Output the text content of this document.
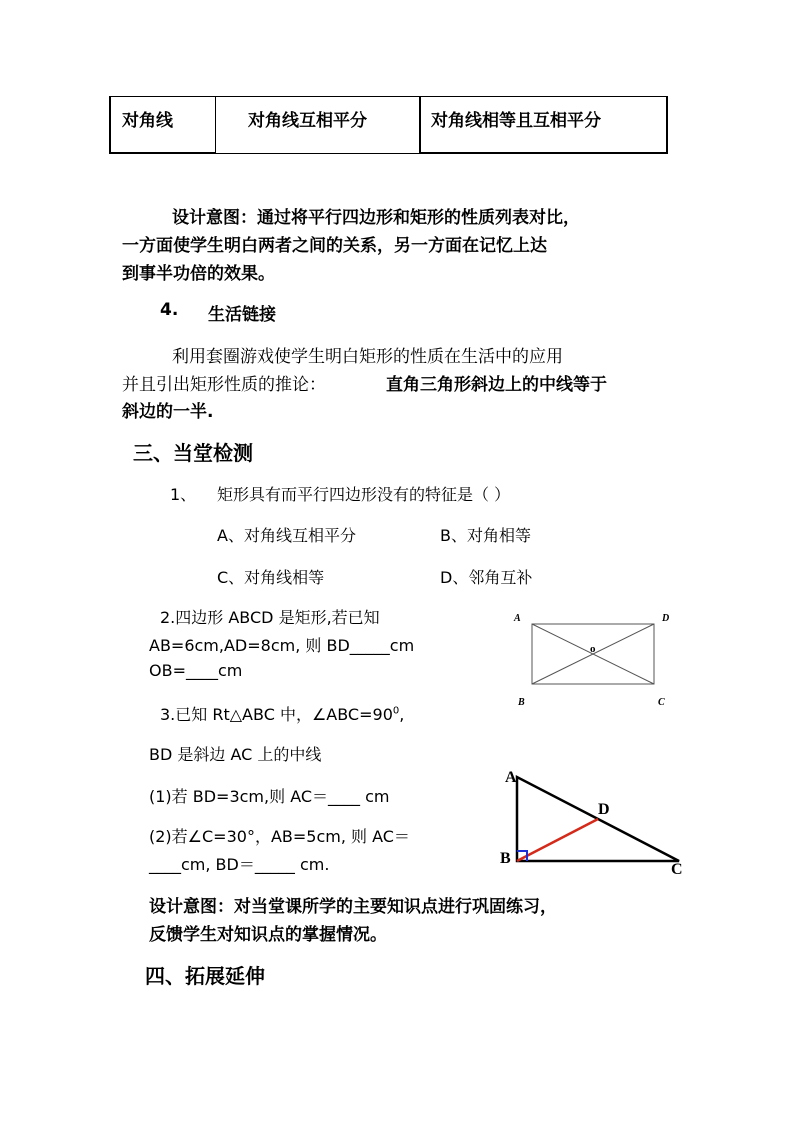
对角线	对角线互相平分	对角线相等且互相平分
设计意图：通过将平行四边形和矩形的性质列表对比，
一方面使学生明白两者之间的关系，另一方面在记忆上达
到事半功倍的效果。
4. 生活链接
利用套圈游戏使学生明白矩形的性质在生活中的应用
并且引出矩形性质的推论：	直角三角形斜边上的中线等于
斜边的一半.
三、当堂检测
1、 矩形具有而平行四边形没有的特征是（ ）
A、对角线互相平分	B、对角相等
C、对角线相等	D、邻角互补
2.四边形 ABCD 是矩形,若已知
AB=6cm,AD=8cm, 则 BD_____cm
OB=____cm
A	D
B	C
o
3.已知 Rt△ABC 中，$\angle ABC=90^0$,
BD 是斜边 AC 上的中线
(1)若 BD=3cm,则 AC＝____ cm
(2)若∠C=30°，AB=5cm, 则 AC＝
____cm, BD＝_____ cm.
A
D
B
C
设计意图：对当堂课所学的主要知识点进行巩固练习，
反馈学生对知识点的掌握情况。
四、拓展延伸
